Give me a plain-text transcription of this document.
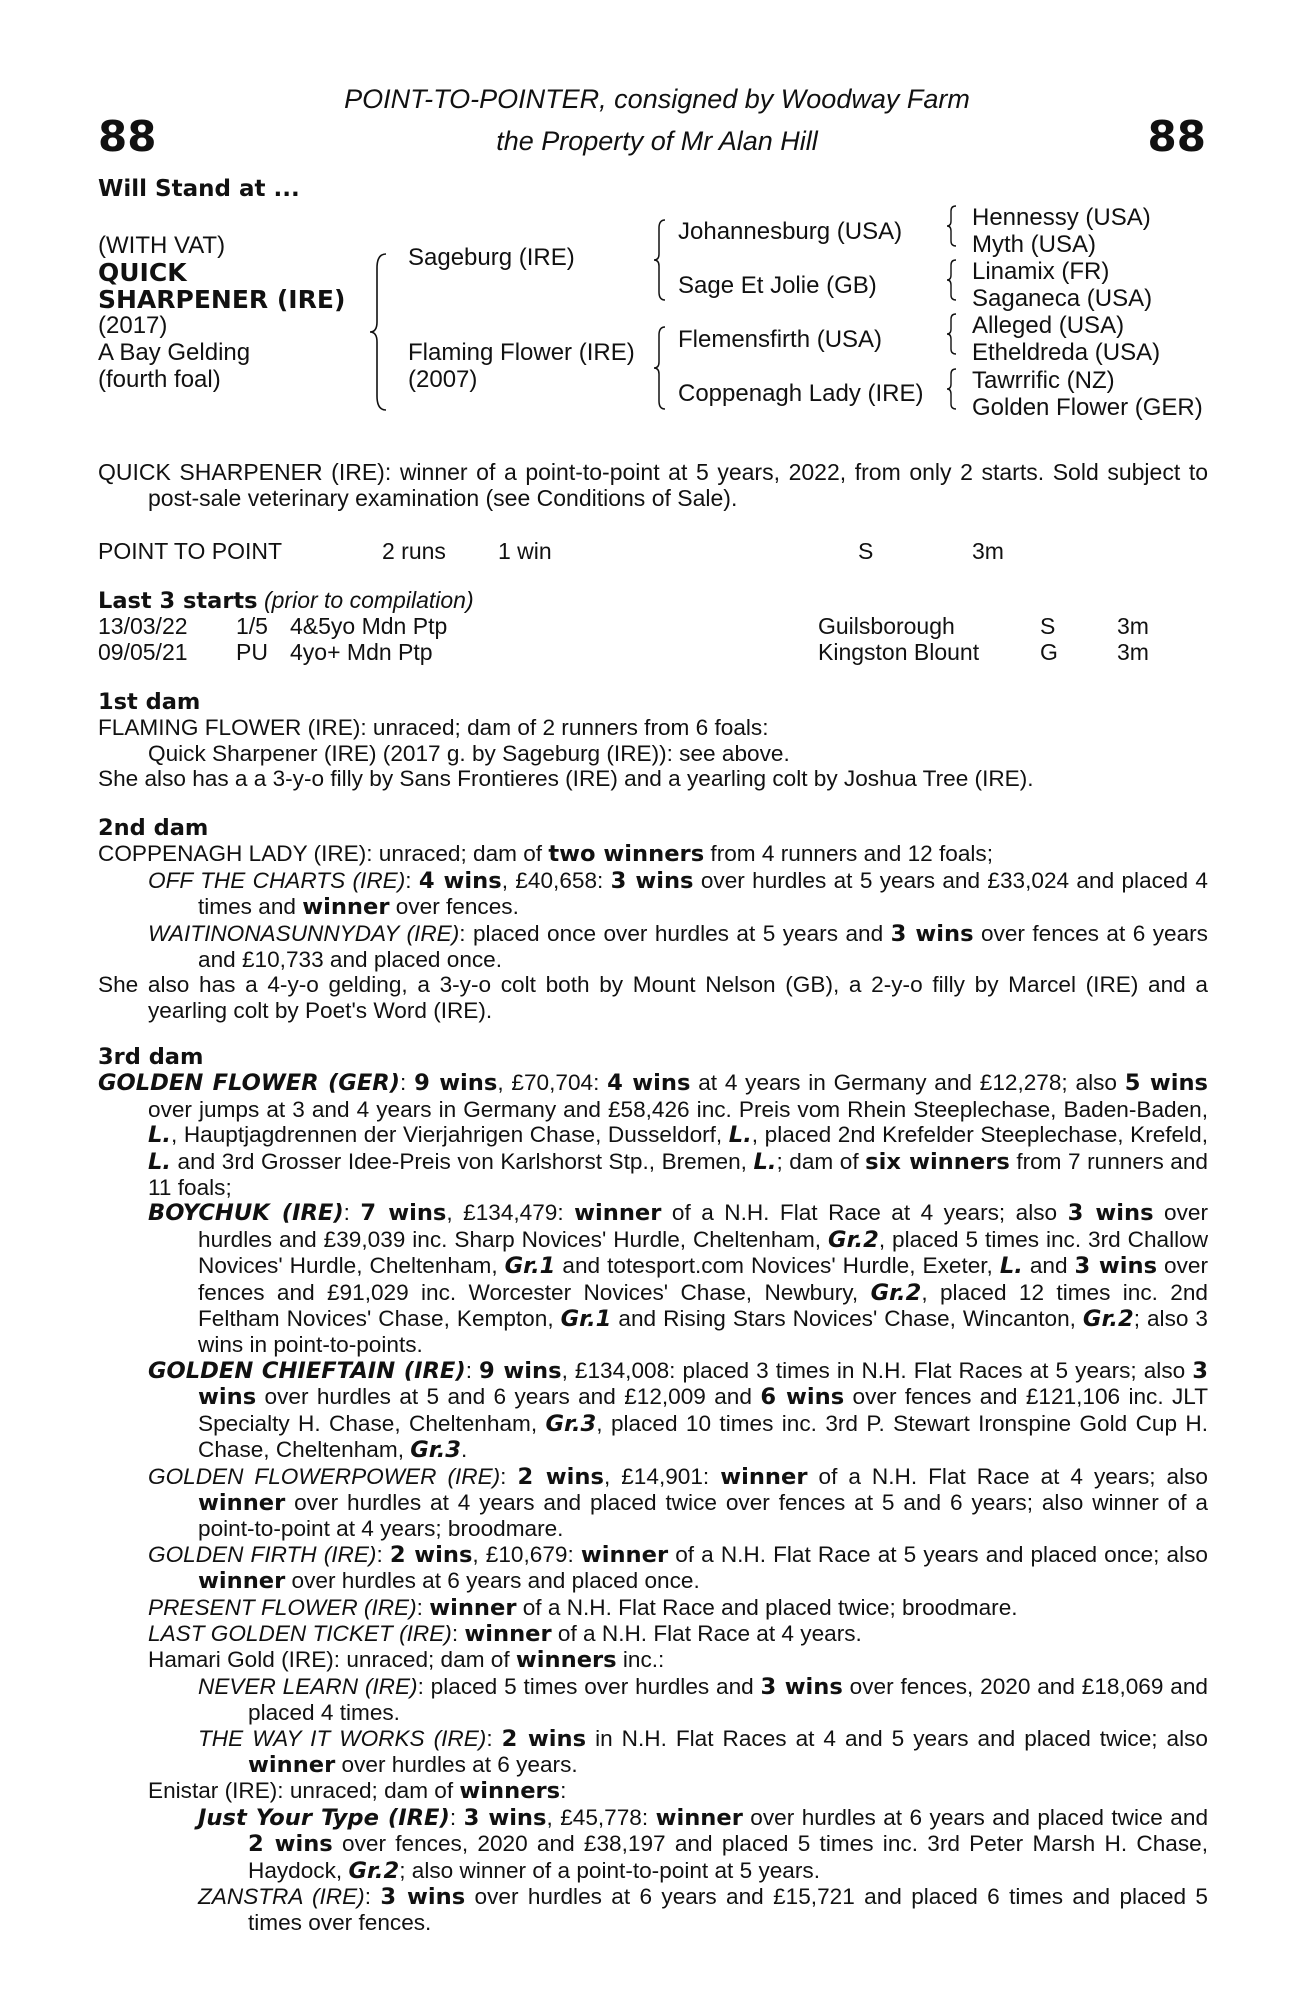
88	88
POINT-TO-POINTER, consigned by Woodway Farm
the Property of Mr Alan Hill
Will Stand at ...
(WITH VAT)
QUICK
SHARPENER (IRE)
(2017)
A Bay Gelding
(fourth foal)
Sageburg (IRE)
Flaming Flower (IRE)
(2007)
Johannesburg (USA)
Sage Et Jolie (GB)
Flemensfirth (USA)
Coppenagh Lady (IRE)
Hennessy (USA)
Myth (USA)
Linamix (FR)
Saganeca (USA)
Alleged (USA)
Etheldreda (USA)
Tawrrific (NZ)
Golden Flower (GER)

QUICK SHARPENER (IRE): winner of a point-to-point at 5 years, 2022, from only 2 starts. Sold subject to post-sale veterinary examination (see Conditions of Sale).

POINT TO POINT	2 runs 1 win	S	3m
Last 3 starts (prior to compilation)
13/03/22 1/5 4&5yo Mdn Ptp	Guilsborough	S	3m
09/05/21 PU 4yo+ Mdn Ptp	Kingston Blount	G	3m

1st dam

FLAMING FLOWER (IRE): unraced; dam of 2 runners from 6 foals:

Quick Sharpener (IRE) (2017 g. by Sageburg (IRE)): see above.

She also has a a 3-y-o filly by Sans Frontieres (IRE) and a yearling colt by Joshua Tree (IRE).

2nd dam

COPPENAGH LADY (IRE): unraced; dam of two winners from 4 runners and 12 foals;

OFF THE CHARTS (IRE): 4 wins, £40,658: 3 wins over hurdles at 5 years and £33,024 and placed 4 times and winner over fences.

WAITINONASUNNYDAY (IRE): placed once over hurdles at 5 years and 3 wins over fences at 6 years and £10,733 and placed once.

She also has a 4-y-o gelding, a 3-y-o colt both by Mount Nelson (GB), a 2-y-o filly by Marcel (IRE) and a yearling colt by Poet's Word (IRE).

3rd dam

GOLDEN FLOWER (GER): 9 wins, £70,704: 4 wins at 4 years in Germany and £12,278; also 5 wins over jumps at 3 and 4 years in Germany and £58,426 inc. Preis vom Rhein Steeplechase, Baden-Baden, L., Hauptjagdrennen der Vierjahrigen Chase, Dusseldorf, L., placed 2nd Krefelder Steeplechase, Krefeld, L. and 3rd Grosser Idee-Preis von Karlshorst Stp., Bremen, L.; dam of six winners from 7 runners and 11 foals;

BOYCHUK (IRE): 7 wins, £134,479: winner of a N.H. Flat Race at 4 years; also 3 wins over hurdles and £39,039 inc. Sharp Novices' Hurdle, Cheltenham, Gr.2, placed 5 times inc. 3rd Challow Novices' Hurdle, Cheltenham, Gr.1 and totesport.com Novices' Hurdle, Exeter, L. and 3 wins over fences and £91,029 inc. Worcester Novices' Chase, Newbury, Gr.2, placed 12 times inc. 2nd Feltham Novices' Chase, Kempton, Gr.1 and Rising Stars Novices' Chase, Wincanton, Gr.2; also 3 wins in point-to-points.

GOLDEN CHIEFTAIN (IRE): 9 wins, £134,008: placed 3 times in N.H. Flat Races at 5 years; also 3 wins over hurdles at 5 and 6 years and £12,009 and 6 wins over fences and £121,106 inc. JLT Specialty H. Chase, Cheltenham, Gr.3, placed 10 times inc. 3rd P. Stewart Ironspine Gold Cup H. Chase, Cheltenham, Gr.3.

GOLDEN FLOWERPOWER (IRE): 2 wins, £14,901: winner of a N.H. Flat Race at 4 years; also winner over hurdles at 4 years and placed twice over fences at 5 and 6 years; also winner of a point-to-point at 4 years; broodmare.

GOLDEN FIRTH (IRE): 2 wins, £10,679: winner of a N.H. Flat Race at 5 years and placed once; also winner over hurdles at 6 years and placed once.

PRESENT FLOWER (IRE): winner of a N.H. Flat Race and placed twice; broodmare.

LAST GOLDEN TICKET (IRE): winner of a N.H. Flat Race at 4 years.

Hamari Gold (IRE): unraced; dam of winners inc.:

NEVER LEARN (IRE): placed 5 times over hurdles and 3 wins over fences, 2020 and £18,069 and placed 4 times.

THE WAY IT WORKS (IRE): 2 wins in N.H. Flat Races at 4 and 5 years and placed twice; also winner over hurdles at 6 years.

Enistar (IRE): unraced; dam of winners:

Just Your Type (IRE): 3 wins, £45,778: winner over hurdles at 6 years and placed twice and 2 wins over fences, 2020 and £38,197 and placed 5 times inc. 3rd Peter Marsh H. Chase, Haydock, Gr.2; also winner of a point-to-point at 5 years.

ZANSTRA (IRE): 3 wins over hurdles at 6 years and £15,721 and placed 6 times and placed 5 times over fences.
